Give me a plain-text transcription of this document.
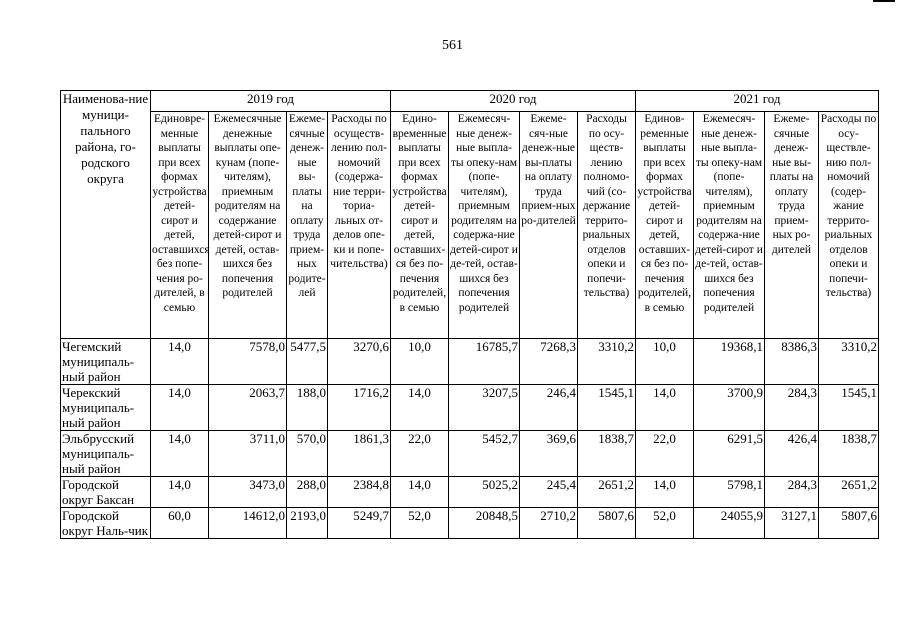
561
Наименова-ние муници-пального района, го-родского округа	2019 год				2020 год				2021 год			
	Единовре-менные выплаты при всех формах устройства детей-сирот и детей, оставшихся без попе-чения ро-дителей, в семью	Ежемесячные денежные выплаты опе-кунам (попе-чителям), приемным родителям на содержание детей-сирот и детей, остав-шихся без попечения родителей	Ежеме-сячные денеж-ные вы-платы на оплату труда прием-ных родите-лей	Расходы по осуществ-лению пол-номочий (содержа-ние терри-ториа-льных от-делов опе-ки и попе-чительства)	Едино-временные выплаты при всех формах устройства детей-сирот и детей, оставших-ся без по-печения родителей, в семью	Ежемесяч-ные денеж-ные выпла-ты опеку-нам (попе-чителям), приемным родителям на содержа-ние детей-сирот и де-тей, остав-шихся без попечения родителей	Ежеме-сяч-ные денеж-ные вы-платы на оплату труда прием-ных ро-дителей	Расходы по осу-ществ-лению полномо-чий (со-держание террито-риальных отделов опеки и попечи-тельства)	Единов-ременные выплаты при всех формах устройства детей-сирот и детей, оставших-ся без по-печения родителей, в семью	Ежемесяч-ные денеж-ные выпла-ты опеку-нам (попе-чителям), приемным родителям на содержа-ние детей-сирот и де-тей, остав-шихся без попечения родителей	Ежеме-сячные денеж-ные вы-платы на оплату труда прием-ных ро-дителей	Расходы по осу-ществле-нию пол-номочий (содер-жание террито-риальных отделов опеки и попечи-тельства)
Чегемский муниципаль-ный район	14,0	7578,0	5477,5	3270,6	10,0	16785,7	7268,3	3310,2	10,0	19368,1	8386,3	3310,2
Черекский муниципаль-ный район	14,0	2063,7	188,0	1716,2	14,0	3207,5	246,4	1545,1	14,0	3700,9	284,3	1545,1
Эльбрусский муниципаль-ный район	14,0	3711,0	570,0	1861,3	22,0	5452,7	369,6	1838,7	22,0	6291,5	426,4	1838,7
Городской округ Баксан	14,0	3473,0	288,0	2384,8	14,0	5025,2	245,4	2651,2	14,0	5798,1	284,3	2651,2
Городской округ Наль-чик	60,0	14612,0	2193,0	5249,7	52,0	20848,5	2710,2	5807,6	52,0	24055,9	3127,1	5807,6
